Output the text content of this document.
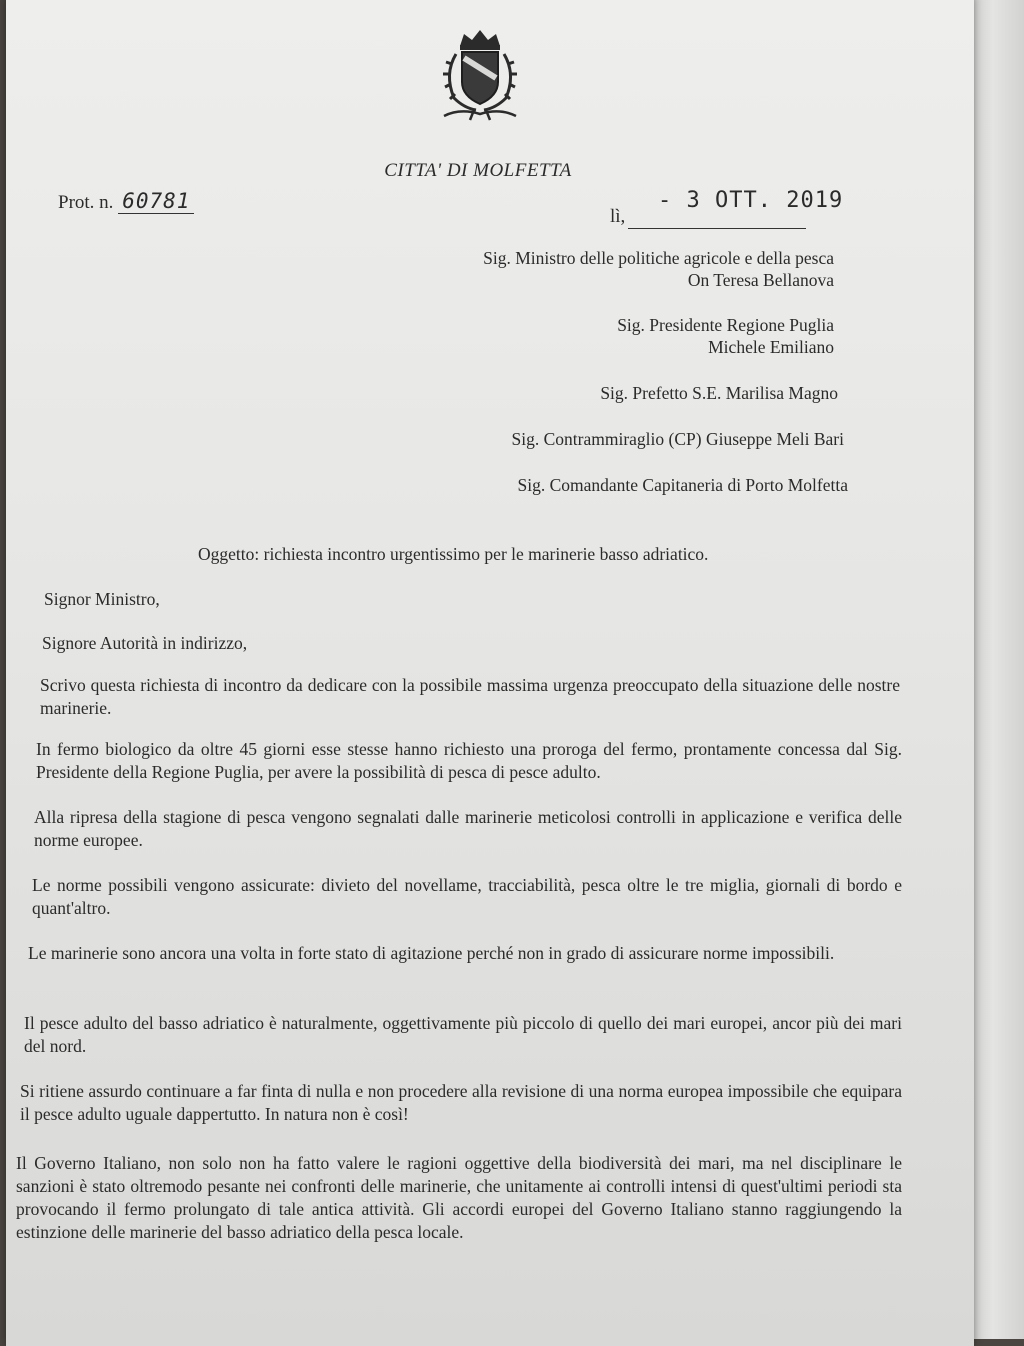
CITTA' DI MOLFETTA
Prot. n. 60781
lì,
- 3 OTT. 2019
Sig. Ministro delle politiche agricole e della pesca
On Teresa Bellanova
Sig. Presidente Regione Puglia
Michele Emiliano
Sig. Prefetto S.E. Marilisa Magno
Sig. Contrammiraglio (CP) Giuseppe Meli Bari
Sig. Comandante Capitaneria di Porto Molfetta
Oggetto: richiesta incontro urgentissimo per le marinerie basso adriatico.
Signor Ministro,
Signore Autorità in indirizzo,
Scrivo questa richiesta di incontro da dedicare con la possibile massima urgenza preoccupato della situazione delle nostre marinerie.
In fermo biologico da oltre 45 giorni esse stesse hanno richiesto una proroga del fermo, prontamente concessa dal Sig. Presidente della Regione Puglia, per avere la possibilità di pesca di pesce adulto.
Alla ripresa della stagione di pesca vengono segnalati dalle marinerie meticolosi controlli in applicazione e verifica delle norme europee.
Le norme possibili vengono assicurate: divieto del novellame, tracciabilità, pesca oltre le tre miglia, giornali di bordo e quant'altro.
Le marinerie sono ancora una volta in forte stato di agitazione perché non in grado di assicurare norme impossibili.
Il pesce adulto del basso adriatico è naturalmente, oggettivamente più piccolo di quello dei mari europei, ancor più dei mari del nord.
Si ritiene assurdo continuare a far finta di nulla e non procedere alla revisione di una norma europea impossibile che equipara il pesce adulto uguale dappertutto. In natura non è così!
Il Governo Italiano, non solo non ha fatto valere le ragioni oggettive della biodiversità dei mari, ma nel disciplinare le sanzioni è stato oltremodo pesante nei confronti delle marinerie, che unitamente ai controlli intensi di quest'ultimi periodi sta provocando il fermo prolungato di tale antica attività. Gli accordi europei del Governo Italiano stanno raggiungendo la estinzione delle marinerie del basso adriatico della pesca locale.
